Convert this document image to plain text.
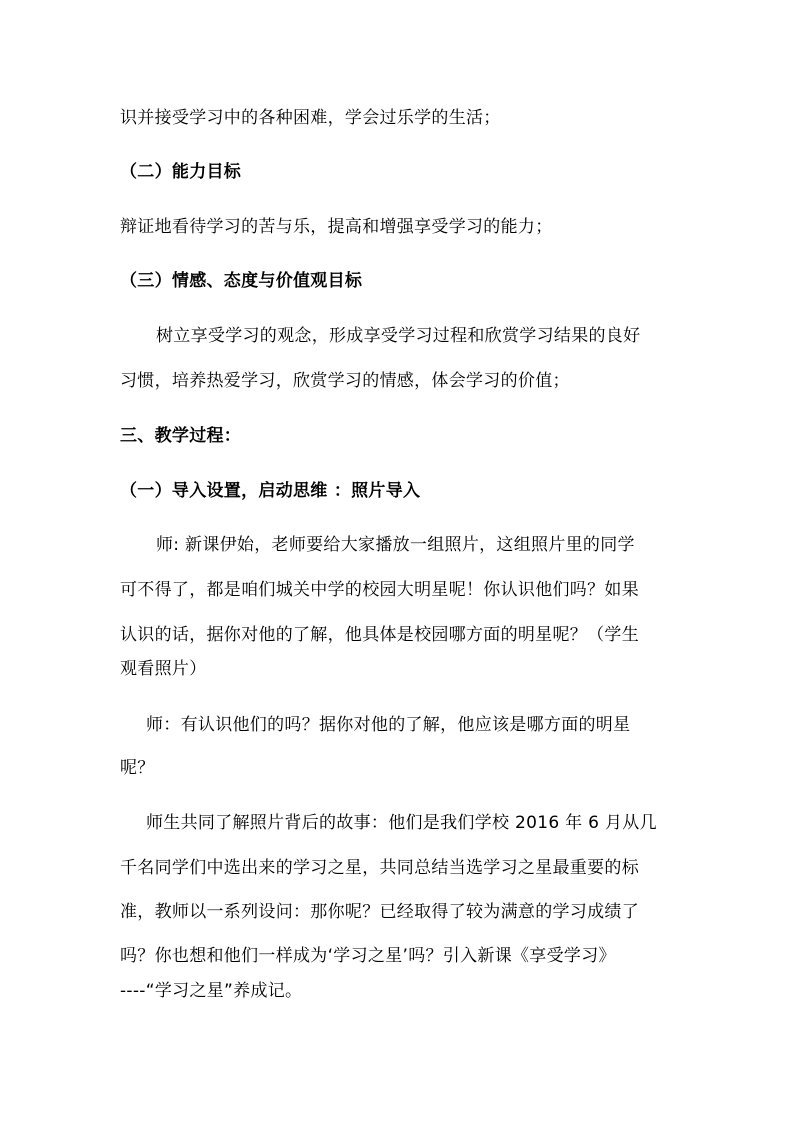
识并接受学习中的各种困难，学会过乐学的生活；
（二）能力目标
辩证地看待学习的苦与乐，提高和增强享受学习的能力；
（三）情感、态度与价值观目标
树立享受学习的观念，形成享受学习过程和欣赏学习结果的良好
习惯，培养热爱学习，欣赏学习的情感，体会学习的价值；
三、教学过程：
（一）导入设置，启动思维 ：照片导入
师: 新课伊始，老师要给大家播放一组照片，这组照片里的同学
可不得了，都是咱们城关中学的校园大明星呢！你认识他们吗？如果
认识的话，据你对他的了解，他具体是校园哪方面的明星呢？（学生
观看照片）
师：有认识他们的吗？据你对他的了解，他应该是哪方面的明星
呢？
师生共同了解照片背后的故事：他们是我们学校 2016 年 6 月从几
千名同学们中选出来的学习之星，共同总结当选学习之星最重要的标
准，教师以一系列设问：那你呢？已经取得了较为满意的学习成绩了
吗？你也想和他们一样成为‘学习之星’吗？引入新课《享受学习》
----“学习之星”养成记。
